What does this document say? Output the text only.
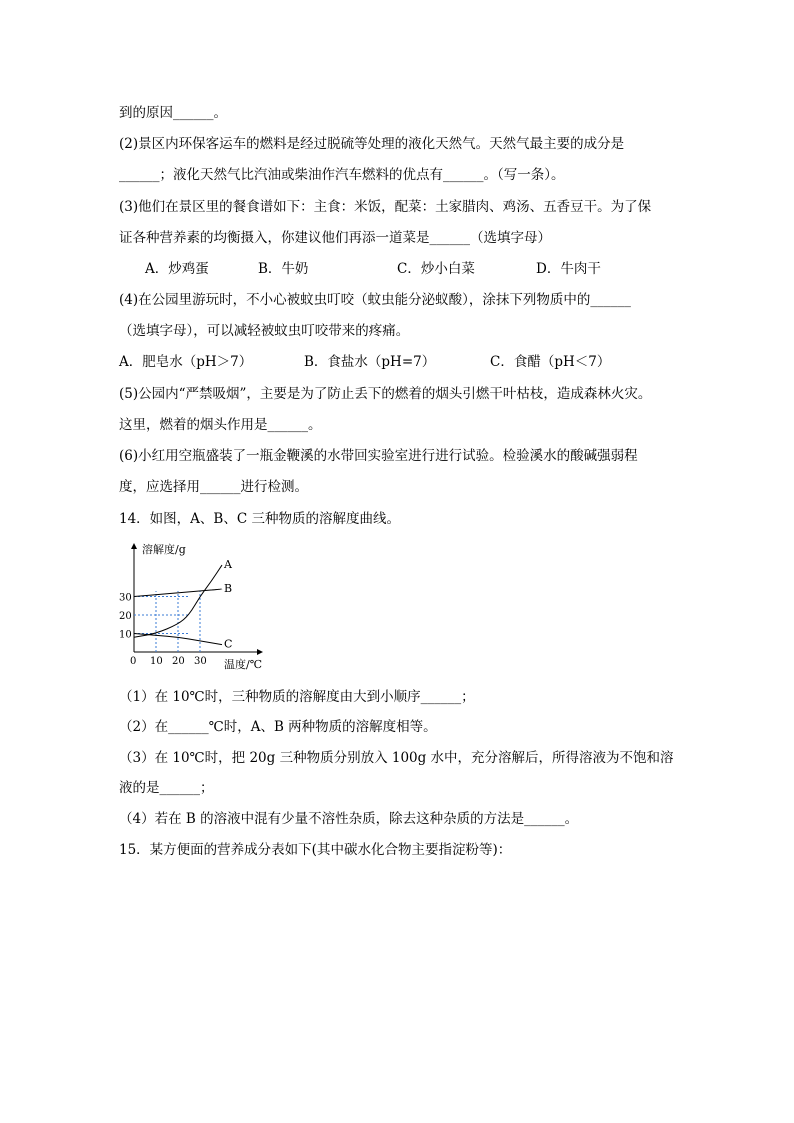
到的原因______。
(2)景区内环保客运车的燃料是经过脱硫等处理的液化天然气。天然气最主要的成分是
______；液化天然气比汽油或柴油作汽车燃料的优点有______。（写一条）。
(3)他们在景区里的餐食谱如下：主食：米饭，配菜：土家腊肉、鸡汤、五香豆干。为了保
证各种营养素的均衡摄入，你建议他们再添一道菜是______（选填字母）
A．炒鸡蛋	B．牛奶	C．炒小白菜	D．牛肉干
(4)在公园里游玩时，不小心被蚊虫叮咬（蚊虫能分泌蚁酸），涂抹下列物质中的______
（选填字母），可以减轻被蚊虫叮咬带来的疼痛。
A．肥皂水（pH＞7）	B．食盐水（pH=7）	C．食醋（pH＜7）
(5)公园内“严禁吸烟”，主要是为了防止丢下的燃着的烟头引燃干叶枯枝，造成森林火灾。
这里，燃着的烟头作用是______。
(6)小红用空瓶盛装了一瓶金鞭溪的水带回实验室进行进行试验。检验溪水的酸碱强弱程
度，应选择用______进行检测。
14．如图，A、B、C 三种物质的溶解度曲线。
0 10 20 30
10
20
30
A
B
C
溶解度/g
温度/℃
（1）在 10℃时，三种物质的溶解度由大到小顺序______；
（2）在______℃时，A、B 两种物质的溶解度相等。
（3）在 10℃时，把 20g 三种物质分别放入 100g 水中，充分溶解后，所得溶液为不饱和溶
液的是______；
（4）若在 B 的溶液中混有少量不溶性杂质，除去这种杂质的方法是______。
15．某方便面的营养成分表如下(其中碳水化合物主要指淀粉等)：
